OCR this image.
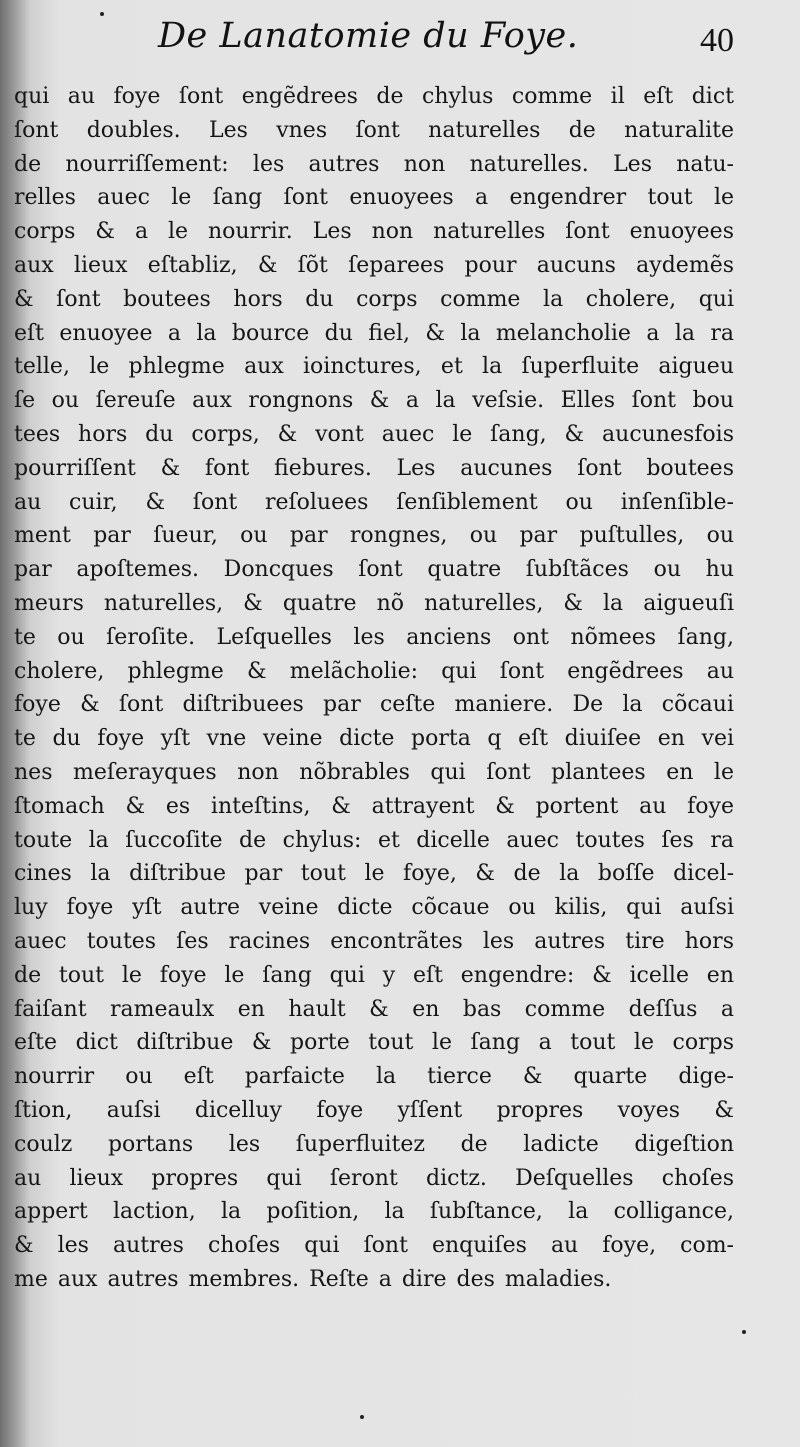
De Lanatomie du Foye.	40
qui au foye ſont engẽdrees de chylus comme il eſt dict
ſont doubles. Les vnes ſont naturelles de naturalite
de nourriſſement: les autres non naturelles. Les natu-
relles auec le ſang ſont enuoyees a engendrer tout le
corps & a le nourrir. Les non naturelles ſont enuoyees
aux lieux eſtabliz, & ſõt ſeparees pour aucuns aydemẽs
& ſont boutees hors du corps comme la cholere, qui
eſt enuoyee a la bource du fiel, & la melancholie a la ra
telle, le phlegme aux ioinctures, et la ſuperfluite aigueu
ſe ou ſereuſe aux rongnons & a la veſsie. Elles ſont bou
tees hors du corps, & vont auec le ſang, & aucunesfois
pourriſſent & font fiebures. Les aucunes ſont boutees
au cuir, & ſont reſoluees ſenſiblement ou inſenſible-
ment par ſueur, ou par rongnes, ou par puſtulles, ou
par apoſtemes. Doncques ſont quatre ſubſtãces ou hu
meurs naturelles, & quatre nõ naturelles, & la aigueuſi
te ou ſeroſite. Leſquelles les anciens ont nõmees ſang,
cholere, phlegme & melãcholie: qui ſont engẽdrees au
foye & ſont diſtribuees par ceſte maniere. De la cõcaui
te du foye yſt vne veine dicte porta q eſt diuiſee en vei
nes meſerayques non nõbrables qui ſont plantees en le
ſtomach & es inteſtins, & attrayent & portent au foye
toute la ſuccoſite de chylus: et dicelle auec toutes ſes ra
cines la diſtribue par tout le foye, & de la boſſe dicel-
luy foye yſt autre veine dicte cõcaue ou kilis, qui auſsi
auec toutes ſes racines encontrãtes les autres tire hors
de tout le foye le ſang qui y eſt engendre: & icelle en
faiſant rameaulx en hault & en bas comme deſſus a
eſte dict diſtribue & porte tout le ſang a tout le corps
nourrir ou eſt parfaicte la tierce & quarte dige-
ſtion, auſsi dicelluy foye yſſent propres voyes &
coulz portans les ſuperfluitez de ladicte digeſtion
au lieux propres qui ſeront dictz. Deſquelles choſes
appert laction, la poſition, la ſubſtance, la colligance,
& les autres choſes qui ſont enquiſes au foye, com-
me aux autres membres. Reſte a dire des maladies.
